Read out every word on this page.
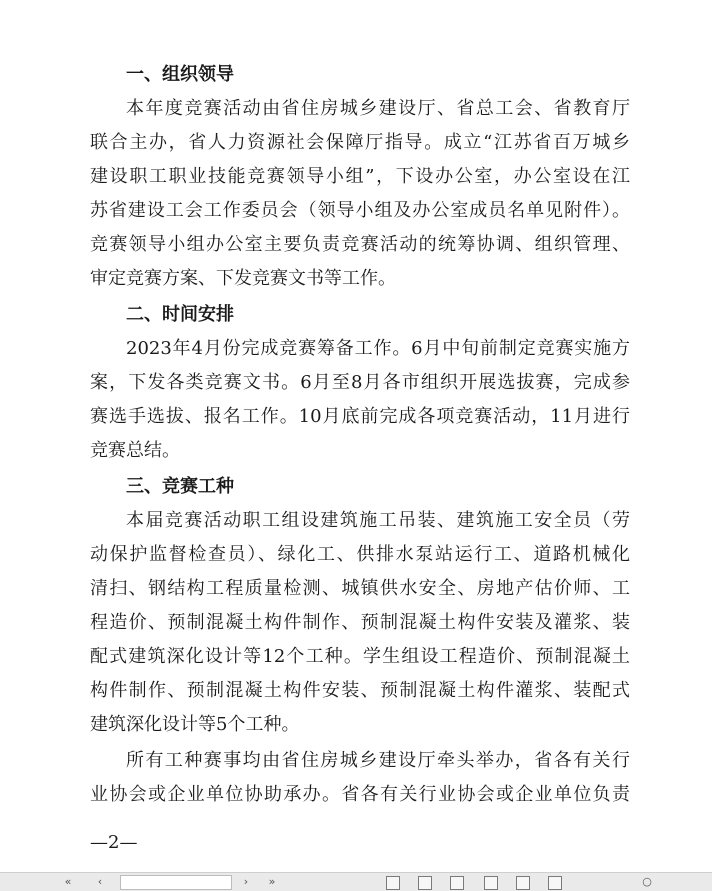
一、组织领导
本年度竞赛活动由省住房城乡建设厅、省总工会、省教育厅
联合主办，省人力资源社会保障厅指导。成立“江苏省百万城乡
建设职工职业技能竞赛领导小组”，下设办公室，办公室设在江
苏省建设工会工作委员会（领导小组及办公室成员名单见附件）。
竞赛领导小组办公室主要负责竞赛活动的统筹协调、组织管理、
审定竞赛方案、下发竞赛文书等工作。
二、时间安排
2023年4月份完成竞赛筹备工作。6月中旬前制定竞赛实施方
案，下发各类竞赛文书。6月至8月各市组织开展选拔赛，完成参
赛选手选拔、报名工作。10月底前完成各项竞赛活动，11月进行
竞赛总结。
三、竞赛工种
本届竞赛活动职工组设建筑施工吊装、建筑施工安全员（劳
动保护监督检查员）、绿化工、供排水泵站运行工、道路机械化
清扫、钢结构工程质量检测、城镇供水安全、房地产估价师、工
程造价、预制混凝土构件制作、预制混凝土构件安装及灌浆、装
配式建筑深化设计等12个工种。学生组设工程造价、预制混凝土
构件制作、预制混凝土构件安装、预制混凝土构件灌浆、装配式
建筑深化设计等5个工种。
所有工种赛事均由省住房城乡建设厅牵头举办，省各有关行
业协会或企业单位协助承办。省各有关行业协会或企业单位负责
—2—
«	‹	›	»	○
